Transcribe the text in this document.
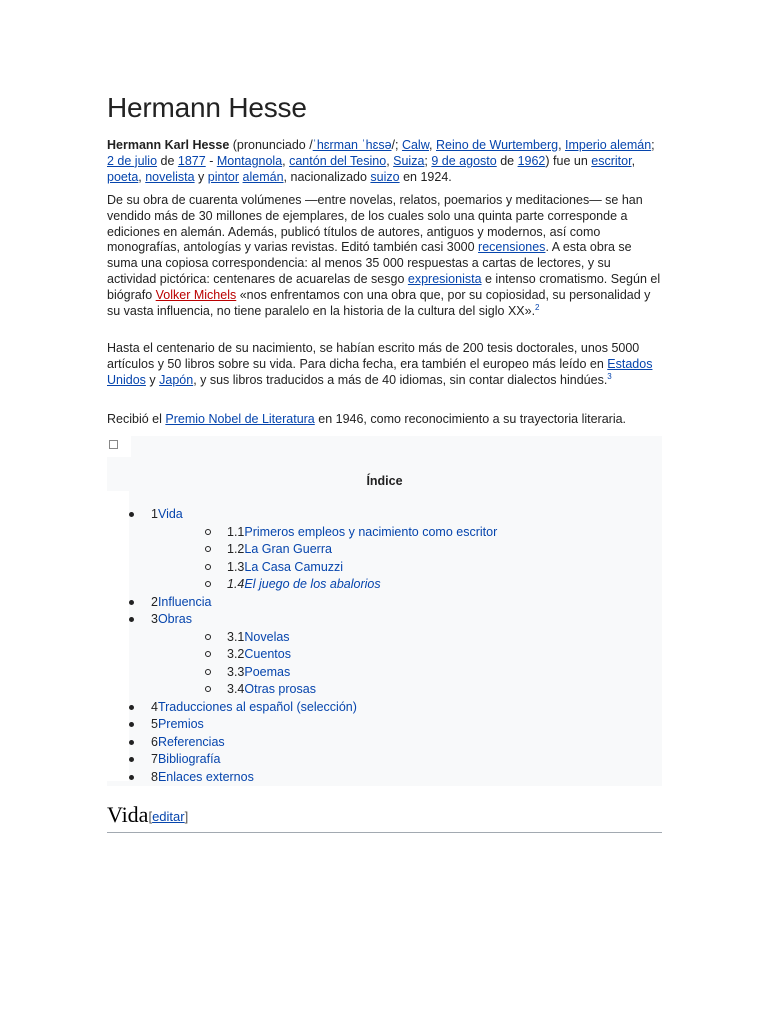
Hermann Hesse

Hermann Karl Hesse (pronunciado /ˈhɛrman ˈhɛsə/; Calw, Reino de Wurtemberg, Imperio alemán; 2 de julio de 1877 - Montagnola, cantón del Tesino, Suiza; 9 de agosto de 1962) fue un escritor, poeta, novelista y pintor alemán, nacionalizado suizo en 1924.

De su obra de cuarenta volúmenes —entre novelas, relatos, poemarios y meditaciones— se han vendido más de 30 millones de ejemplares, de los cuales solo una quinta parte corresponde a ediciones en alemán. Además, publicó títulos de autores, antiguos y modernos, así como monografías, antologías y varias revistas. Editó también casi 3000 recensiones. A esta obra se suma una copiosa correspondencia: al menos 35 000 respuestas a cartas de lectores, y su actividad pictórica: centenares de acuarelas de sesgo expresionista e intenso cromatismo. Según el biógrafo Volker Michels «nos enfrentamos con una obra que, por su copiosidad, su personalidad y su vasta influencia, no tiene paralelo en la historia de la cultura del siglo XX».$^2$

Hasta el centenario de su nacimiento, se habían escrito más de 200 tesis doctorales, unos 5000 artículos y 50 libros sobre su vida. Para dicha fecha, era también el europeo más leído en Estados Unidos y Japón, y sus libros traducidos a más de 40 idiomas, sin contar dialectos hindúes.$^3$

Recibió el Premio Nobel de Literatura en 1946, como reconocimiento a su trayectoria literaria.

Índice
1Vida
1.1Primeros empleos y nacimiento como escritor
1.2La Gran Guerra
1.3La Casa Camuzzi
1.4El juego de los abalorios
2Influencia
3Obras
3.1Novelas
3.2Cuentos
3.3Poemas
3.4Otras prosas
4Traducciones al español (selección)
5Premios
6Referencias
7Bibliografía
8Enlaces externos
Vida[editar]
